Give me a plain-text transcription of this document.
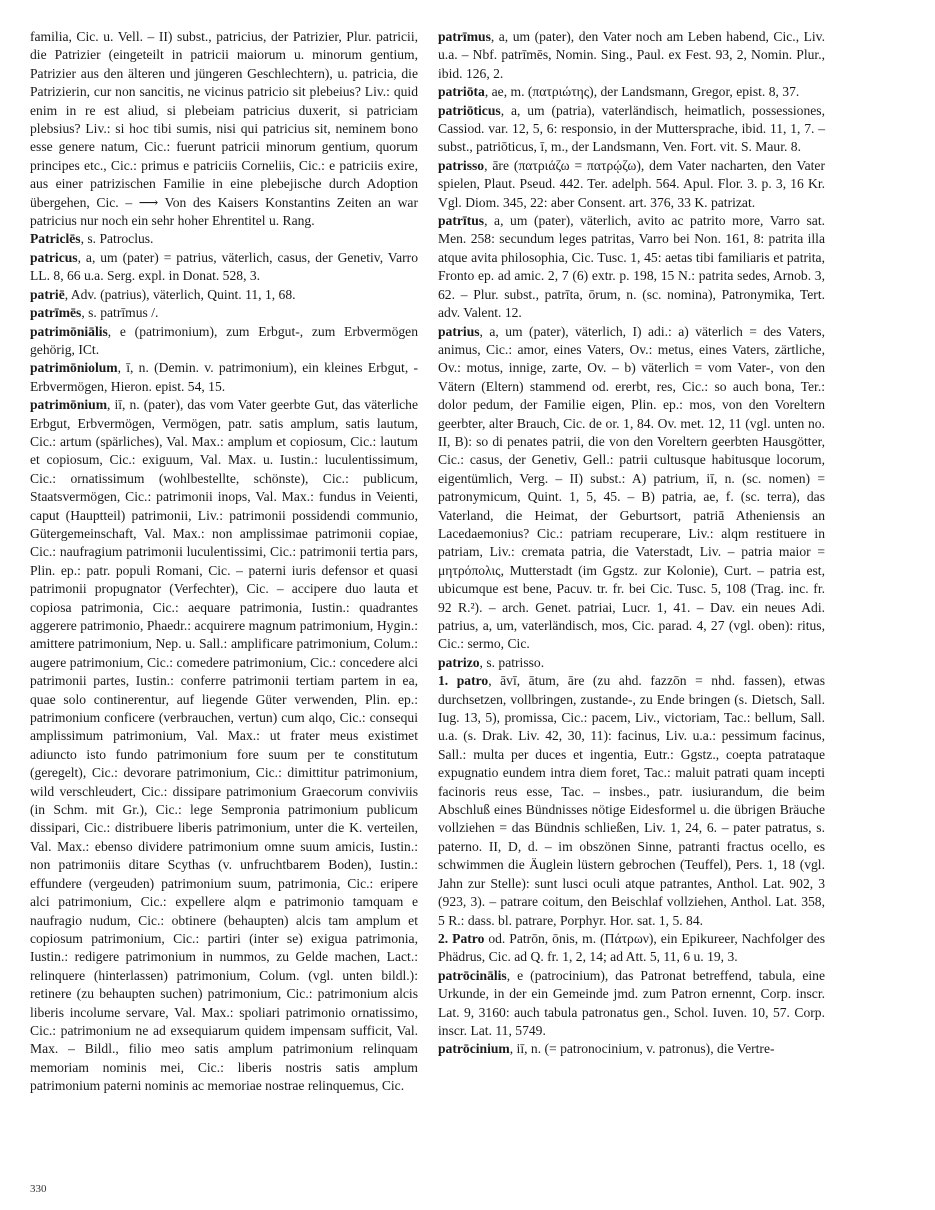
familia, Cic. u. Vell. – II) subst., patricius, der Patrizier, Plur. patricii, die Patrizier (eingeteilt in patricii maiorum u. minorum gentium, Patrizier aus den älteren und jüngeren Geschlechtern), u. patricia, die Patrizierin, cur non sancitis, ne vicinus patricio sit plebeius? Liv.: quid enim in re est aliud, si plebeiam patricius duxerit, si patriciam plebsius? Liv.: si hoc tibi sumis, nisi qui patricius sit, neminem bono esse genere natum, Cic.: fuerunt patricii minorum gentium, quorum principes etc., Cic.: primus e patriciis Corneliis, Cic.: e patriciis exire, aus einer patrizischen Familie in eine plebejische durch Adoption übergehen, Cic. – ⟶ Von des Kaisers Konstantins Zeiten an war patricius nur noch ein sehr hoher Ehrentitel u. Rang.

Patriclēs, s. Patroclus.

patricus, a, um (pater) = patrius, väterlich, casus, der Genetiv, Varro LL. 8, 66 u.a. Serg. expl. in Donat. 528, 3.

patriē, Adv. (patrius), väterlich, Quint. 11, 1, 68.

patrīmēs, s. patrīmus /.

patrimōniālis, e (patrimonium), zum Erbgut-, zum Erbvermögen gehörig, ICt.

patrimōniolum, ī, n. (Demin. v. patrimonium), ein kleines Erbgut, -Erbvermögen, Hieron. epist. 54, 15.

patrimōnium, iī, n. (pater), das vom Vater geerbte Gut, das väterliche Erbgut, Erbvermögen, Vermögen, patr. satis amplum, satis lautum, Cic.: artum (spärliches), Val. Max.: amplum et copiosum, Cic.: lautum et copiosum, Cic.: exiguum, Val. Max. u. Iustin.: luculentissimum, Cic.: ornatissimum (wohlbestellte, schönste), Cic.: publicum, Staatsvermögen, Cic.: patrimonii inops, Val. Max.: fundus in Veienti, caput (Hauptteil) patrimonii, Liv.: patrimonii possidendi communio, Gütergemeinschaft, Val. Max.: non amplissimae patrimonii copiae, Cic.: naufragium patrimonii luculentissimi, Cic.: patrimonii tertia pars, Plin. ep.: patr. populi Romani, Cic. – paterni iuris defensor et quasi patrimonii propugnator (Verfechter), Cic. – accipere duo lauta et copiosa patrimonia, Cic.: aequare patrimonia, Iustin.: quadrantes aggerere patrimonio, Phaedr.: acquirere magnum patrimonium, Hygin.: amittere patrimonium, Nep. u. Sall.: amplificare patrimonium, Colum.: augere patrimonium, Cic.: comedere patrimonium, Cic.: concedere alci patrimonii partes, Iustin.: conferre patrimonii tertiam partem in ea, quae solo continerentur, auf liegende Güter verwenden, Plin. ep.: patrimonium conficere (verbrauchen, vertun) cum alqo, Cic.: consequi amplissimum patrimonium, Val. Max.: ut frater meus existimet adiuncto isto fundo patrimonium fore suum per te constitutum (geregelt), Cic.: devorare patrimonium, Cic.: dimittitur patrimonium, wild verschleudert, Cic.: dissipare patrimonium Graecorum conviviis (in Schm. mit Gr.), Cic.: lege Sempronia patrimonium publicum dissipari, Cic.: distribuere liberis patrimonium, unter die K. verteilen, Val. Max.: ebenso dividere patrimonium omne suum amicis, Iustin.: non patrimoniis ditare Scythas (v. unfruchtbarem Boden), Iustin.: effundere (vergeuden) patrimonium suum, patrimonia, Cic.: eripere alci patrimonium, Cic.: expellere alqm e patrimonio tamquam e naufragio nudum, Cic.: obtinere (behaupten) alcis tam amplum et copiosum patrimonium, Cic.: partiri (inter se) exigua patrimonia, Iustin.: redigere patrimonium in nummos, zu Gelde machen, Lact.: relinquere (hinterlassen) patrimonium, Colum. (vgl. unten bildl.): retinere (zu behaupten suchen) patrimonium, Cic.: patrimonium alcis liberis incolume servare, Val. Max.: spoliari patrimonio ornatissimo, Cic.: patrimonium ne ad exsequiarum quidem impensam sufficit, Val. Max. – Bildl., filio meo satis amplum patrimonium relinquam memoriam nominis mei, Cic.: liberis nostris satis amplum patrimonium paterni nominis ac memoriae nostrae relinquemus, Cic.

patrīmus, a, um (pater), den Vater noch am Leben habend, Cic., Liv. u.a. – Nbf. patrīmēs, Nomin. Sing., Paul. ex Fest. 93, 2, Nomin. Plur., ibid. 126, 2.

patriōta, ae, m. (πατριώτης), der Landsmann, Gregor, epist. 8, 37.

patriōticus, a, um (patria), vaterländisch, heimatlich, possessiones, Cassiod. var. 12, 5, 6: responsio, in der Muttersprache, ibid. 11, 1, 7. – subst., patriōticus, ī, m., der Landsmann, Ven. Fort. vit. S. Maur. 8.

patrisso, āre (πατριάζω = πατρῴζω), dem Vater nacharten, den Vater spielen, Plaut. Pseud. 442. Ter. adelph. 564. Apul. Flor. 3. p. 3, 16 Kr. Vgl. Diom. 345, 22: aber Consent. art. 376, 33 K. patrizat.

patrītus, a, um (pater), väterlich, avito ac patrito more, Varro sat. Men. 258: secundum leges patritas, Varro bei Non. 161, 8: patrita illa atque avita philosophia, Cic. Tusc. 1, 45: aetas tibi familiaris et patrita, Fronto ep. ad amic. 2, 7 (6) extr. p. 198, 15 N.: patrita sedes, Arnob. 3, 62. – Plur. subst., patrīta, ōrum, n. (sc. nomina), Patronymika, Tert. adv. Valent. 12.

patrius, a, um (pater), väterlich, I) adi.: a) väterlich = des Vaters, animus, Cic.: amor, eines Vaters, Ov.: metus, eines Vaters, zärtliche, Ov.: motus, innige, zarte, Ov. – b) väterlich = vom Vater-, von den Vätern (Eltern) stammend od. ererbt, res, Cic.: so auch bona, Ter.: dolor pedum, der Familie eigen, Plin. ep.: mos, von den Voreltern geerbter, alter Brauch, Cic. de or. 1, 84. Ov. met. 12, 11 (vgl. unten no. II, B): so di penates patrii, die von den Voreltern geerbten Hausgötter, Cic.: casus, der Genetiv, Gell.: patrii cultusque habitusque locorum, eigentümlich, Verg. – II) subst.: A) patrium, iī, n. (sc. nomen) = patronymicum, Quint. 1, 5, 45. – B) patria, ae, f. (sc. terra), das Vaterland, die Heimat, der Geburtsort, patriā Atheniensis an Lacedaemonius? Cic.: patriam recuperare, Liv.: alqm restituere in patriam, Liv.: cremata patria, die Vaterstadt, Liv. – patria maior = μητρόπολις, Mutterstadt (im Ggstz. zur Kolonie), Curt. – patria est, ubicumque est bene, Pacuv. tr. fr. bei Cic. Tusc. 5, 108 (Trag. inc. fr. 92 R.²). – arch. Genet. patriai, Lucr. 1, 41. – Dav. ein neues Adi. patrius, a, um, vaterländisch, mos, Cic. parad. 4, 27 (vgl. oben): ritus, Cic.: sermo, Cic.

patrizo, s. patrisso.

1. patro, āvī, ātum, āre (zu ahd. fazzōn = nhd. fassen), etwas durchsetzen, vollbringen, zustande-, zu Ende bringen (s. Dietsch, Sall. Iug. 13, 5), promissa, Cic.: pacem, Liv., victoriam, Tac.: bellum, Sall. u.a. (s. Drak. Liv. 42, 30, 11): facinus, Liv. u.a.: pessimum facinus, Sall.: multa per duces et ingentia, Eutr.: Ggstz., coepta patrataque expugnatio eundem intra diem foret, Tac.: maluit patrati quam incepti facinoris reus esse, Tac. – insbes., patr. iusiurandum, die beim Abschluß eines Bündnisses nötige Eidesformel u. die übrigen Bräuche vollziehen = das Bündnis schließen, Liv. 1, 24, 6. – pater patratus, s. paterno. II, D, d. – im obszönen Sinne, patranti fractus ocello, es schwimmen die Äuglein lüstern gebrochen (Teuffel), Pers. 1, 18 (vgl. Jahn zur Stelle): sunt lusci oculi atque patrantes, Anthol. Lat. 902, 3 (923, 3). – patrare coitum, den Beischlaf vollziehen, Anthol. Lat. 358, 5 R.: dass. bl. patrare, Porphyr. Hor. sat. 1, 5. 84.

2. Patro od. Patrōn, ōnis, m. (Πάτρων), ein Epikureer, Nachfolger des Phädrus, Cic. ad Q. fr. 1, 2, 14; ad Att. 5, 11, 6 u. 19, 3.

patrōcinālis, e (patrocinium), das Patronat betreffend, tabula, eine Urkunde, in der ein Gemeinde jmd. zum Patron ernennt, Corp. inscr. Lat. 9, 3160: auch tabula patronatus gen., Schol. Iuven. 10, 57. Corp. inscr. Lat. 11, 5749.

patrōcinium, iī, n. (= patronocinium, v. patronus), die Vertre-

330
